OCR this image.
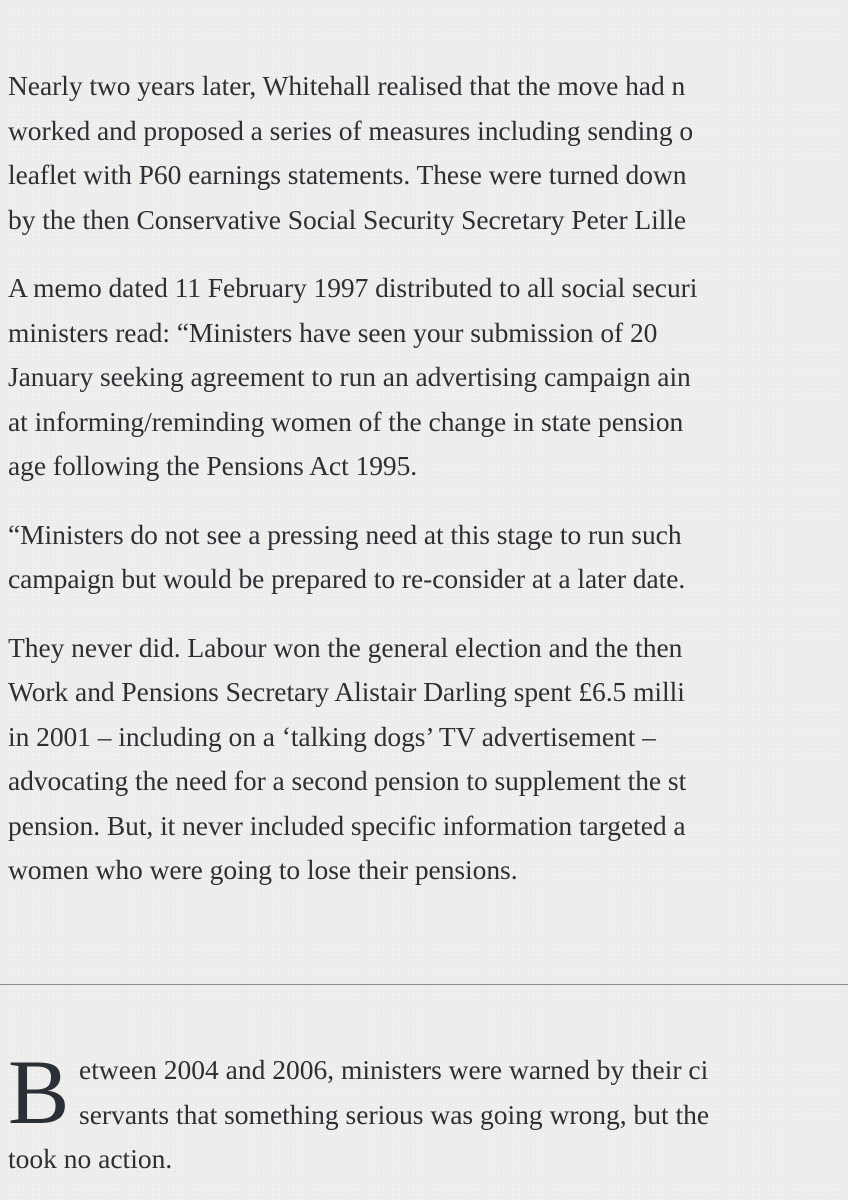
Nearly two years later, Whitehall realised that the move had n
worked and proposed a series of measures including sending o
leaflet with P60 earnings statements. These were turned down
by the then Conservative Social Security Secretary Peter Lille

A memo dated 11 February 1997 distributed to all social securi
ministers read: “Ministers have seen your submission of 20
January seeking agreement to run an advertising campaign ain
at informing/reminding women of the change in state pension
age following the Pensions Act 1995.

“Ministers do not see a pressing need at this stage to run such
campaign but would be prepared to re-consider at a later date.

They never did. Labour won the general election and the then
Work and Pensions Secretary Alistair Darling spent £6.5 milli
in 2001 – including on a ‘talking dogs’ TV advertisement –
advocating the need for a second pension to supplement the st
pension. But, it never included specific information targeted a
women who were going to lose their pensions.

B etween 2004 and 2006, ministers were warned by their ci
servants that something serious was going wrong, but the
took no action.
